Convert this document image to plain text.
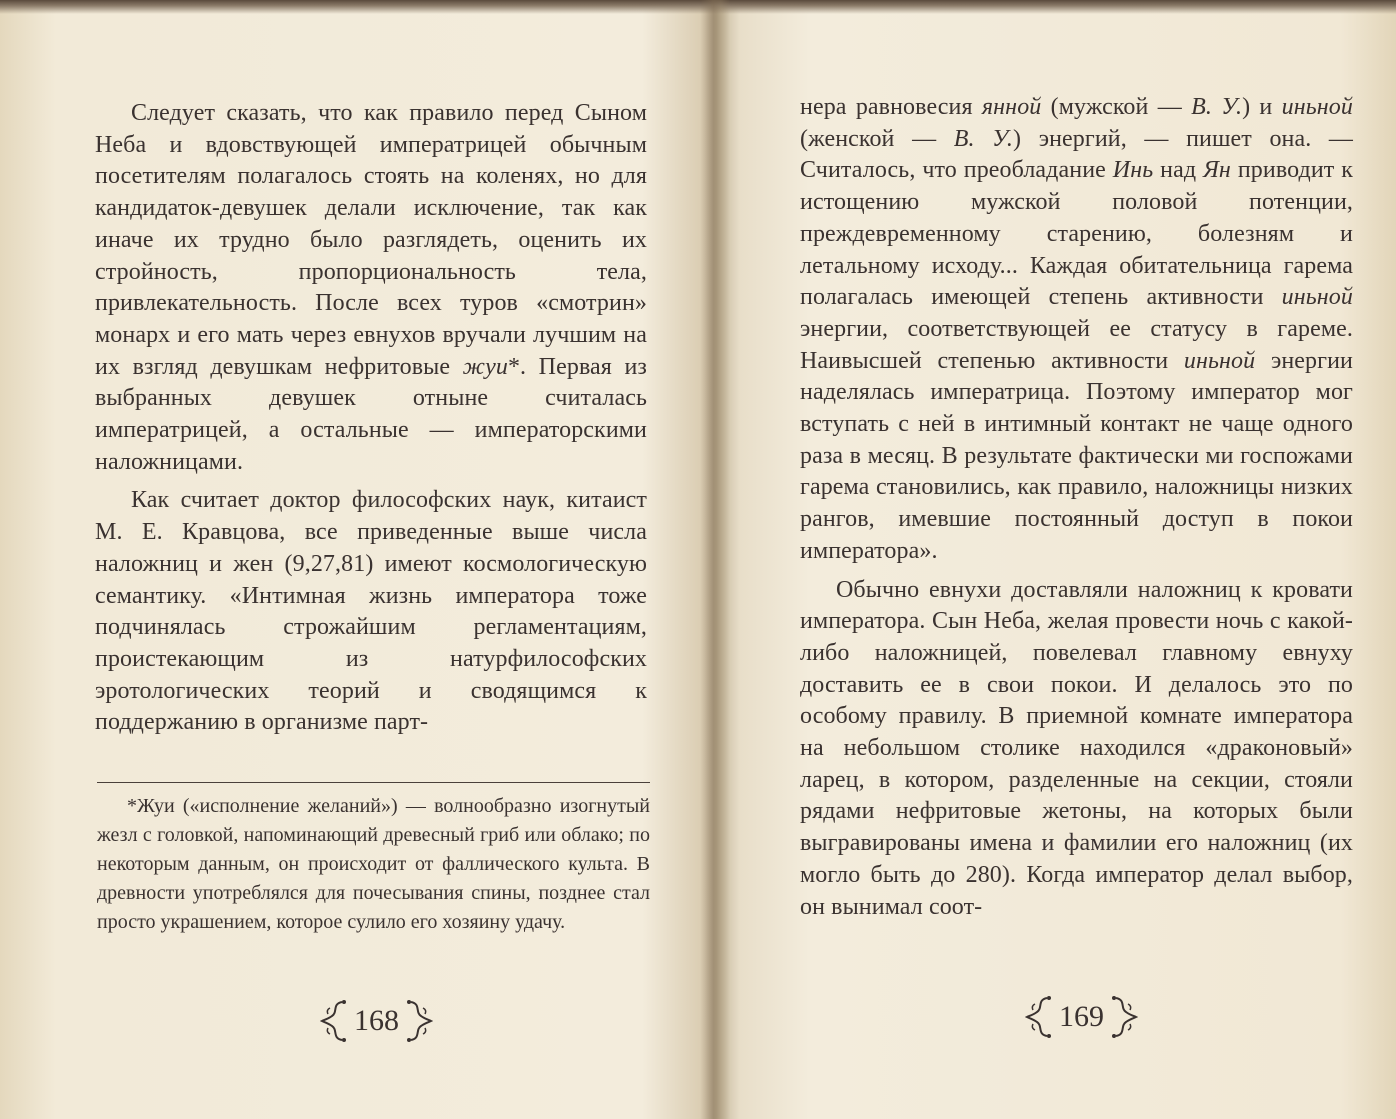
Следует сказать, что как правило перед Сыном Неба и вдовствующей императрицей обычным посетителям полагалось стоять на коленях, но для кандидаток-девушек делали исключение, так как иначе их трудно было разглядеть, оценить их стройность, пропорциональность тела, привлекательность. После всех туров «смотрин» монарх и его мать через евнухов вручали лучшим на их взгляд девушкам нефритовые жуи*. Первая из выбранных девушек отныне считалась императрицей, а остальные — императорскими наложницами.

Как считает доктор философских наук, китаист М. Е. Кравцова, все приведенные выше числа наложниц и жен (9,27,81) имеют космологическую семантику. «Интимная жизнь императора тоже подчинялась строжайшим регламентациям, проистекающим из натурфилософских эротологических теорий и сводящимся к поддержанию в организме парт-

*Жуи («исполнение желаний») — волнообразно изогнутый жезл с головкой, напоминающий древесный гриб или облако; по некоторым данным, он происходит от фаллического культа. В древности употреблялся для почесывания спины, позднее стал просто украшением, которое сулило его хозяину удачу.

168

нера равновесия янной (мужской — В. У.) и иньной (женской — В. У.) энергий, — пишет она. — Считалось, что преобладание Инь над Ян приводит к истощению мужской половой потенции, преждевременному старению, болезням и летальному исходу... Каждая обитательница гарема полагалась имеющей степень активности иньной энергии, соответствующей ее статусу в гареме. Наивысшей степенью активности иньной энергии наделялась императрица. Поэтому император мог вступать с ней в интимный контакт не чаще одного раза в месяц. В результате фактически ми госпожами гарема становились, как правило, наложницы низких рангов, имевшие постоянный доступ в покои императора».

Обычно евнухи доставляли наложниц к кровати императора. Сын Неба, желая провести ночь с какой-либо наложницей, повелевал главному евнуху доставить ее в свои покои. И делалось это по особому правилу. В приемной комнате императора на небольшом столике находился «драконовый» ларец, в котором, разделенные на секции, стояли рядами нефритовые жетоны, на которых были выгравированы имена и фамилии его наложниц (их могло быть до 280). Когда император делал выбор, он вынимал соот-

169
